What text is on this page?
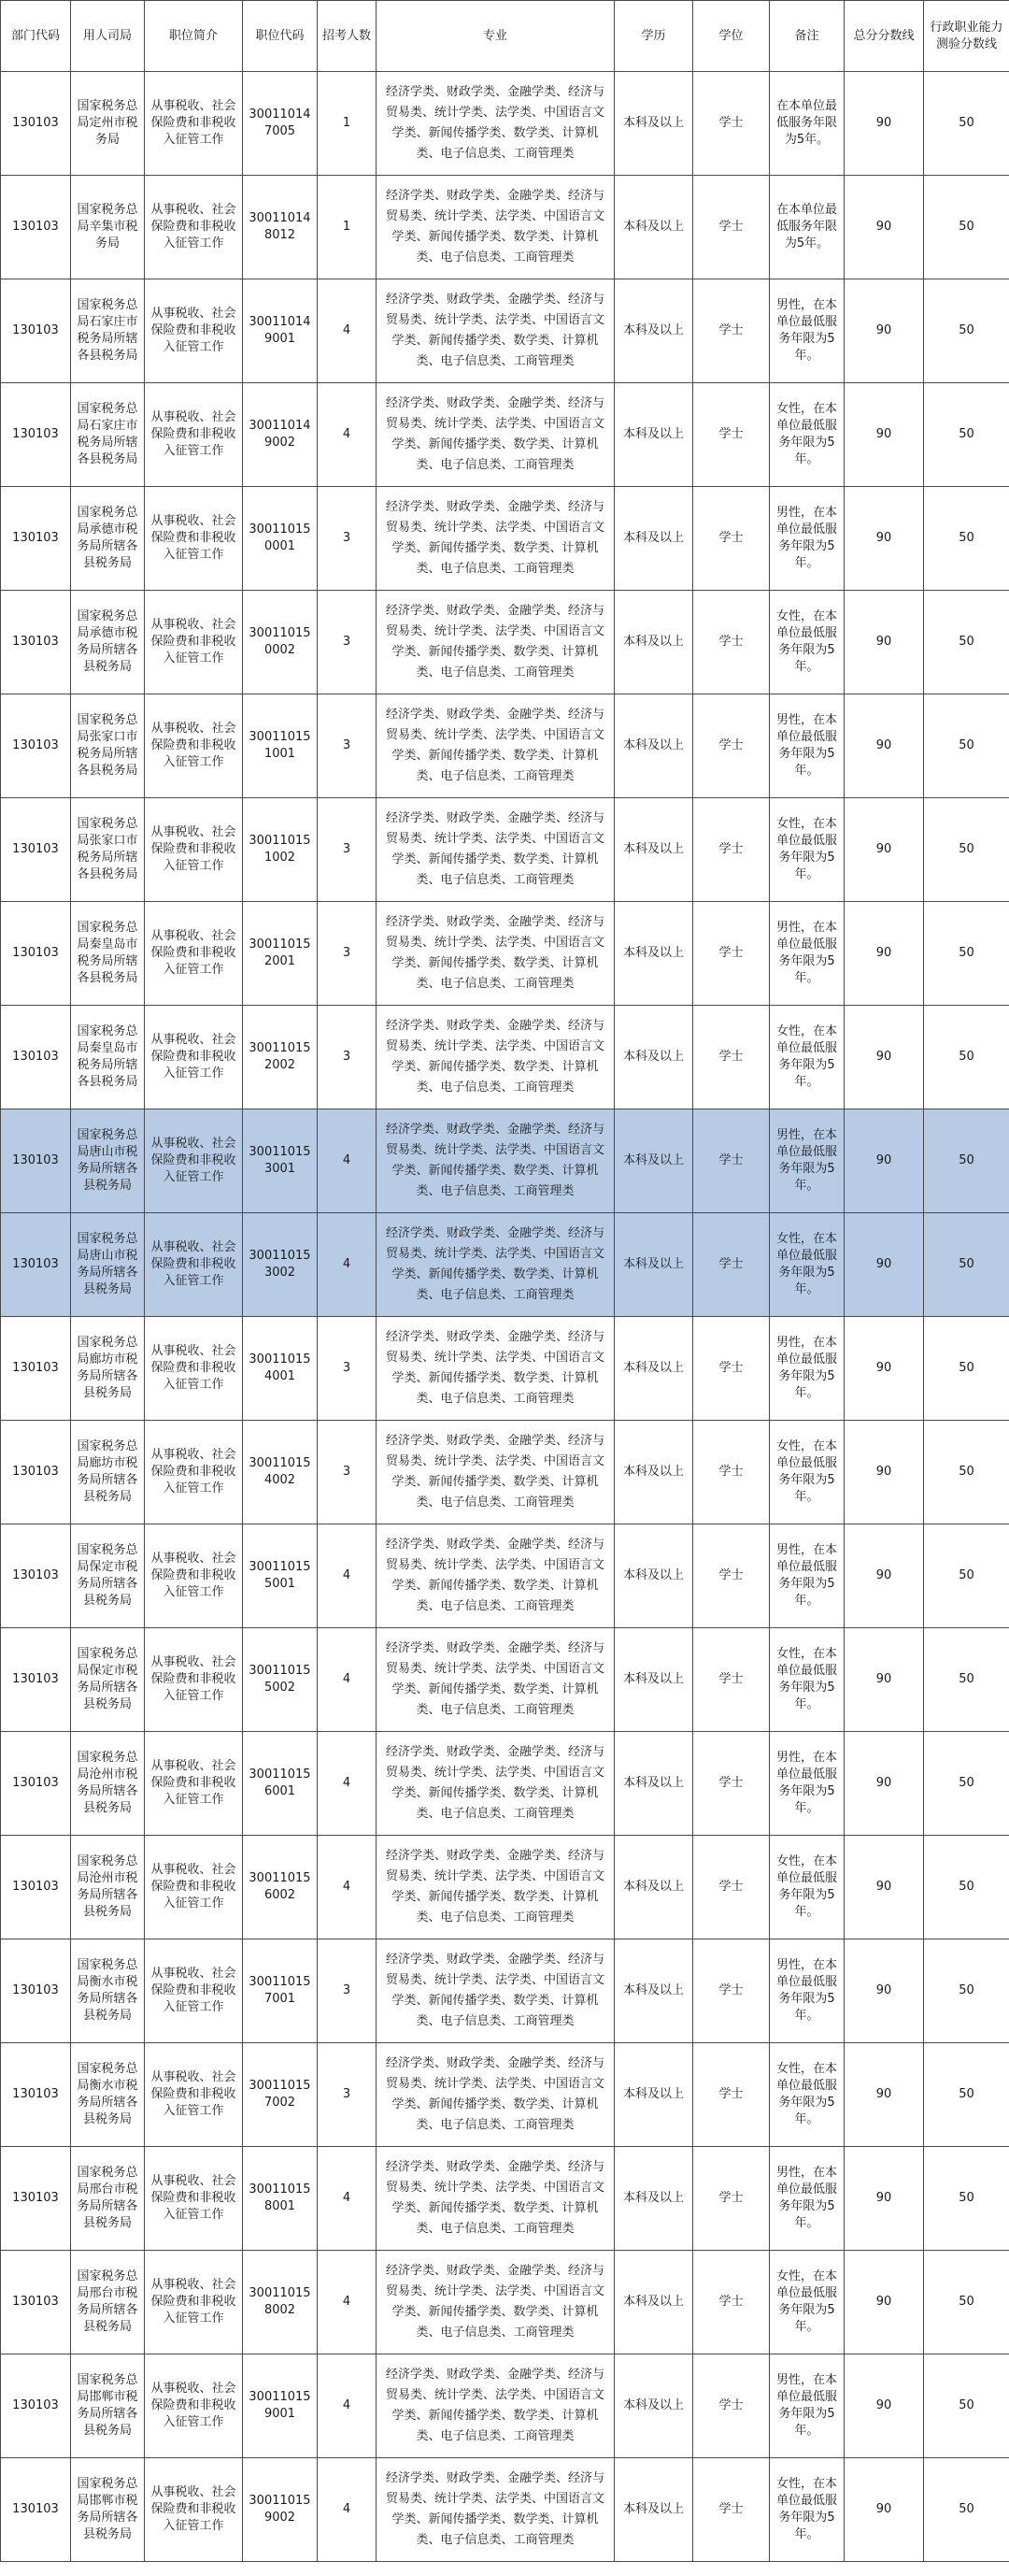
部门代码	用人司局	职位简介	职位代码	招考人数	专业	学历	学位	备注	总分分数线	行政职业能力测验分数线
130103	国家税务总局定州市税务局	从事税收、社会保险费和非税收入征管工作	300110147005	1	经济学类、财政学类、金融学类、经济与贸易类、统计学类、法学类、中国语言文学类、新闻传播学类、数学类、计算机类、电子信息类、工商管理类	本科及以上	学士	在本单位最低服务年限为5年。	90	50
130103	国家税务总局辛集市税务局	从事税收、社会保险费和非税收入征管工作	300110148012	1	经济学类、财政学类、金融学类、经济与贸易类、统计学类、法学类、中国语言文学类、新闻传播学类、数学类、计算机类、电子信息类、工商管理类	本科及以上	学士	在本单位最低服务年限为5年。	90	50
130103	国家税务总局石家庄市税务局所辖各县税务局	从事税收、社会保险费和非税收入征管工作	300110149001	4	经济学类、财政学类、金融学类、经济与贸易类、统计学类、法学类、中国语言文学类、新闻传播学类、数学类、计算机类、电子信息类、工商管理类	本科及以上	学士	男性，在本单位最低服务年限为5年。	90	50
130103	国家税务总局石家庄市税务局所辖各县税务局	从事税收、社会保险费和非税收入征管工作	300110149002	4	经济学类、财政学类、金融学类、经济与贸易类、统计学类、法学类、中国语言文学类、新闻传播学类、数学类、计算机类、电子信息类、工商管理类	本科及以上	学士	女性，在本单位最低服务年限为5年。	90	50
130103	国家税务总局承德市税务局所辖各县税务局	从事税收、社会保险费和非税收入征管工作	300110150001	3	经济学类、财政学类、金融学类、经济与贸易类、统计学类、法学类、中国语言文学类、新闻传播学类、数学类、计算机类、电子信息类、工商管理类	本科及以上	学士	男性，在本单位最低服务年限为5年。	90	50
130103	国家税务总局承德市税务局所辖各县税务局	从事税收、社会保险费和非税收入征管工作	300110150002	3	经济学类、财政学类、金融学类、经济与贸易类、统计学类、法学类、中国语言文学类、新闻传播学类、数学类、计算机类、电子信息类、工商管理类	本科及以上	学士	女性，在本单位最低服务年限为5年。	90	50
130103	国家税务总局张家口市税务局所辖各县税务局	从事税收、社会保险费和非税收入征管工作	300110151001	3	经济学类、财政学类、金融学类、经济与贸易类、统计学类、法学类、中国语言文学类、新闻传播学类、数学类、计算机类、电子信息类、工商管理类	本科及以上	学士	男性，在本单位最低服务年限为5年。	90	50
130103	国家税务总局张家口市税务局所辖各县税务局	从事税收、社会保险费和非税收入征管工作	300110151002	3	经济学类、财政学类、金融学类、经济与贸易类、统计学类、法学类、中国语言文学类、新闻传播学类、数学类、计算机类、电子信息类、工商管理类	本科及以上	学士	女性，在本单位最低服务年限为5年。	90	50
130103	国家税务总局秦皇岛市税务局所辖各县税务局	从事税收、社会保险费和非税收入征管工作	300110152001	3	经济学类、财政学类、金融学类、经济与贸易类、统计学类、法学类、中国语言文学类、新闻传播学类、数学类、计算机类、电子信息类、工商管理类	本科及以上	学士	男性，在本单位最低服务年限为5年。	90	50
130103	国家税务总局秦皇岛市税务局所辖各县税务局	从事税收、社会保险费和非税收入征管工作	300110152002	3	经济学类、财政学类、金融学类、经济与贸易类、统计学类、法学类、中国语言文学类、新闻传播学类、数学类、计算机类、电子信息类、工商管理类	本科及以上	学士	女性，在本单位最低服务年限为5年。	90	50
130103	国家税务总局唐山市税务局所辖各县税务局	从事税收、社会保险费和非税收入征管工作	300110153001	4	经济学类、财政学类、金融学类、经济与贸易类、统计学类、法学类、中国语言文学类、新闻传播学类、数学类、计算机类、电子信息类、工商管理类	本科及以上	学士	男性，在本单位最低服务年限为5年。	90	50
130103	国家税务总局唐山市税务局所辖各县税务局	从事税收、社会保险费和非税收入征管工作	300110153002	4	经济学类、财政学类、金融学类、经济与贸易类、统计学类、法学类、中国语言文学类、新闻传播学类、数学类、计算机类、电子信息类、工商管理类	本科及以上	学士	女性，在本单位最低服务年限为5年。	90	50
130103	国家税务总局廊坊市税务局所辖各县税务局	从事税收、社会保险费和非税收入征管工作	300110154001	3	经济学类、财政学类、金融学类、经济与贸易类、统计学类、法学类、中国语言文学类、新闻传播学类、数学类、计算机类、电子信息类、工商管理类	本科及以上	学士	男性，在本单位最低服务年限为5年。	90	50
130103	国家税务总局廊坊市税务局所辖各县税务局	从事税收、社会保险费和非税收入征管工作	300110154002	3	经济学类、财政学类、金融学类、经济与贸易类、统计学类、法学类、中国语言文学类、新闻传播学类、数学类、计算机类、电子信息类、工商管理类	本科及以上	学士	女性，在本单位最低服务年限为5年。	90	50
130103	国家税务总局保定市税务局所辖各县税务局	从事税收、社会保险费和非税收入征管工作	300110155001	4	经济学类、财政学类、金融学类、经济与贸易类、统计学类、法学类、中国语言文学类、新闻传播学类、数学类、计算机类、电子信息类、工商管理类	本科及以上	学士	男性，在本单位最低服务年限为5年。	90	50
130103	国家税务总局保定市税务局所辖各县税务局	从事税收、社会保险费和非税收入征管工作	300110155002	4	经济学类、财政学类、金融学类、经济与贸易类、统计学类、法学类、中国语言文学类、新闻传播学类、数学类、计算机类、电子信息类、工商管理类	本科及以上	学士	女性，在本单位最低服务年限为5年。	90	50
130103	国家税务总局沧州市税务局所辖各县税务局	从事税收、社会保险费和非税收入征管工作	300110156001	4	经济学类、财政学类、金融学类、经济与贸易类、统计学类、法学类、中国语言文学类、新闻传播学类、数学类、计算机类、电子信息类、工商管理类	本科及以上	学士	男性，在本单位最低服务年限为5年。	90	50
130103	国家税务总局沧州市税务局所辖各县税务局	从事税收、社会保险费和非税收入征管工作	300110156002	4	经济学类、财政学类、金融学类、经济与贸易类、统计学类、法学类、中国语言文学类、新闻传播学类、数学类、计算机类、电子信息类、工商管理类	本科及以上	学士	女性，在本单位最低服务年限为5年。	90	50
130103	国家税务总局衡水市税务局所辖各县税务局	从事税收、社会保险费和非税收入征管工作	300110157001	3	经济学类、财政学类、金融学类、经济与贸易类、统计学类、法学类、中国语言文学类、新闻传播学类、数学类、计算机类、电子信息类、工商管理类	本科及以上	学士	男性，在本单位最低服务年限为5年。	90	50
130103	国家税务总局衡水市税务局所辖各县税务局	从事税收、社会保险费和非税收入征管工作	300110157002	3	经济学类、财政学类、金融学类、经济与贸易类、统计学类、法学类、中国语言文学类、新闻传播学类、数学类、计算机类、电子信息类、工商管理类	本科及以上	学士	女性，在本单位最低服务年限为5年。	90	50
130103	国家税务总局邢台市税务局所辖各县税务局	从事税收、社会保险费和非税收入征管工作	300110158001	4	经济学类、财政学类、金融学类、经济与贸易类、统计学类、法学类、中国语言文学类、新闻传播学类、数学类、计算机类、电子信息类、工商管理类	本科及以上	学士	男性，在本单位最低服务年限为5年。	90	50
130103	国家税务总局邢台市税务局所辖各县税务局	从事税收、社会保险费和非税收入征管工作	300110158002	4	经济学类、财政学类、金融学类、经济与贸易类、统计学类、法学类、中国语言文学类、新闻传播学类、数学类、计算机类、电子信息类、工商管理类	本科及以上	学士	女性，在本单位最低服务年限为5年。	90	50
130103	国家税务总局邯郸市税务局所辖各县税务局	从事税收、社会保险费和非税收入征管工作	300110159001	4	经济学类、财政学类、金融学类、经济与贸易类、统计学类、法学类、中国语言文学类、新闻传播学类、数学类、计算机类、电子信息类、工商管理类	本科及以上	学士	男性，在本单位最低服务年限为5年。	90	50
130103	国家税务总局邯郸市税务局所辖各县税务局	从事税收、社会保险费和非税收入征管工作	300110159002	4	经济学类、财政学类、金融学类、经济与贸易类、统计学类、法学类、中国语言文学类、新闻传播学类、数学类、计算机类、电子信息类、工商管理类	本科及以上	学士	女性，在本单位最低服务年限为5年。	90	50
